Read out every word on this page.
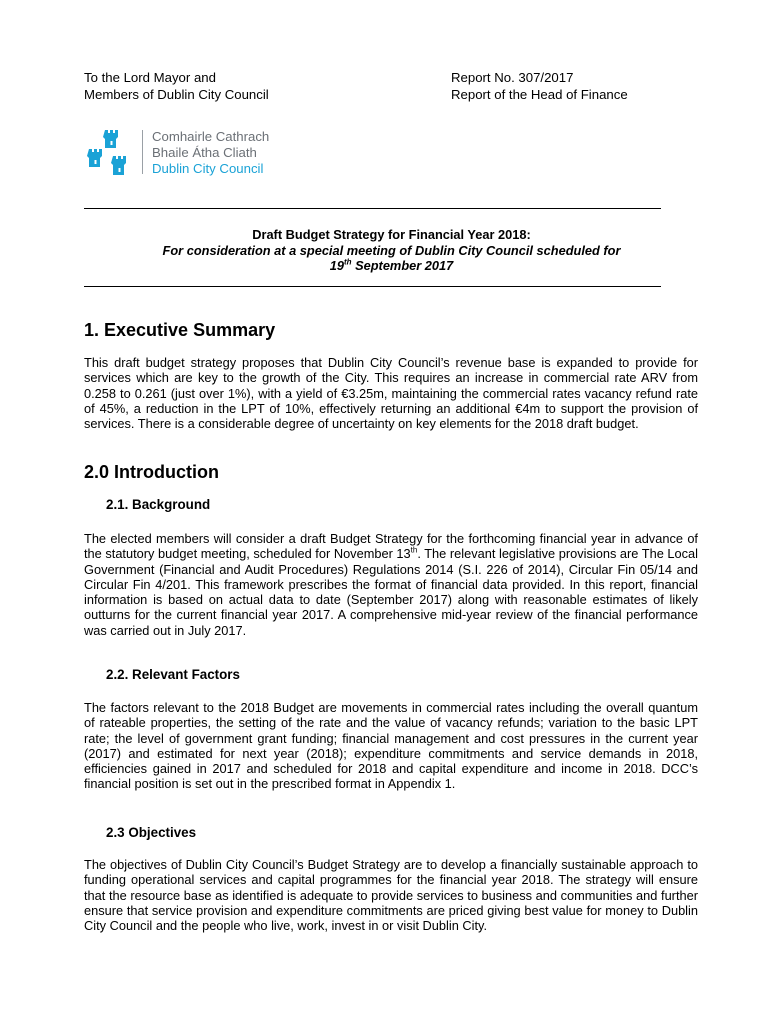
To the Lord Mayor and
Members of Dublin City Council
Report No. 307/2017
Report of the Head of Finance
Comhairle Cathrach
Bhaile Átha Cliath
Dublin City Council
Draft Budget Strategy for Financial Year 2018:
For consideration at a special meeting of Dublin City Council scheduled for
19th September 2017
1. Executive Summary
This draft budget strategy proposes that Dublin City Council’s revenue base is expanded to provide for services which are key to the growth of the City. This requires an increase in commercial rate ARV from 0.258 to 0.261 (just over 1%), with a yield of €3.25m, maintaining the commercial rates vacancy refund rate of 45%, a reduction in the LPT of 10%, effectively returning an additional €4m to support the provision of services. There is a considerable degree of uncertainty on key elements for the 2018 draft budget.
2.0 Introduction
2.1. Background
The elected members will consider a draft Budget Strategy for the forthcoming financial year in advance of the statutory budget meeting, scheduled for November 13th. The relevant legislative provisions are The Local Government (Financial and Audit Procedures) Regulations 2014 (S.I. 226 of 2014), Circular Fin 05/14 and Circular Fin 4/201. This framework prescribes the format of financial data provided. In this report, financial information is based on actual data to date (September 2017) along with reasonable estimates of likely outturns for the current financial year 2017. A comprehensive mid-year review of the financial performance was carried out in July 2017.
2.2. Relevant Factors
The factors relevant to the 2018 Budget are movements in commercial rates including the overall quantum of rateable properties, the setting of the rate and the value of vacancy refunds; variation to the basic LPT rate; the level of government grant funding; financial management and cost pressures in the current year (2017) and estimated for next year (2018); expenditure commitments and service demands in 2018, efficiencies gained in 2017 and scheduled for 2018 and capital expenditure and income in 2018. DCC’s financial position is set out in the prescribed format in Appendix 1.
2.3 Objectives
The objectives of Dublin City Council’s Budget Strategy are to develop a financially sustainable approach to funding operational services and capital programmes for the financial year 2018. The strategy will ensure that the resource base as identified is adequate to provide services to business and communities and further ensure that service provision and expenditure commitments are priced giving best value for money to Dublin City Council and the people who live, work, invest in or visit Dublin City.
